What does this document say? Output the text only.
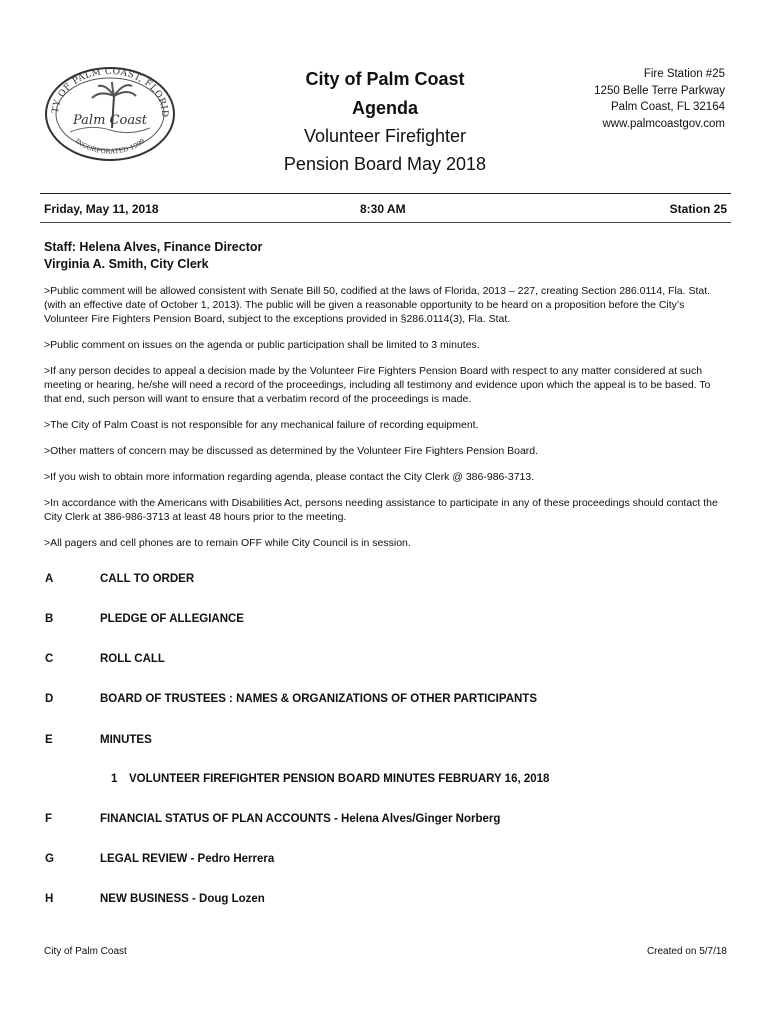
TY OF PALM COAST, FLORID
INCORPORATED 1999
Palm Coast
City of Palm Coast
Agenda
Volunteer Firefighter
Pension Board May 2018
Fire Station #25
1250 Belle Terre Parkway
Palm Coast, FL 32164
www.palmcoastgov.com
Friday, May 11, 2018	8:30 AM	Station 25
Staff: Helena Alves, Finance Director
Virginia A. Smith, City Clerk

>Public comment will be allowed consistent with Senate Bill 50, codified at the laws of Florida, 2013 – 227, creating Section 286.0114, Fla. Stat. (with an effective date of October 1, 2013). The public will be given a reasonable opportunity to be heard on a proposition before the City’s Volunteer Fire Fighters Pension Board, subject to the exceptions provided in §286.0114(3), Fla. Stat.

>Public comment on issues on the agenda or public participation shall be limited to 3 minutes.

>If any person decides to appeal a decision made by the Volunteer Fire Fighters Pension Board with respect to any matter considered at such meeting or hearing, he/she will need a record of the proceedings, including all testimony and evidence upon which the appeal is to be based. To that end, such person will want to ensure that a verbatim record of the proceedings is made.

>The City of Palm Coast is not responsible for any mechanical failure of recording equipment.

>Other matters of concern may be discussed as determined by the Volunteer Fire Fighters Pension Board.

>If you wish to obtain more information regarding agenda, please contact the City Clerk @ 386-986-3713.

>In accordance with the Americans with Disabilities Act, persons needing assistance to participate in any of these proceedings should contact the City Clerk at 386-986-3713 at least 48 hours prior to the meeting.

>All pagers and cell phones are to remain OFF while City Council is in session.

A	CALL TO ORDER
B	PLEDGE OF ALLEGIANCE
C	ROLL CALL
D	BOARD OF TRUSTEES : NAMES & ORGANIZATIONS OF OTHER PARTICIPANTS
E	MINUTES
1 VOLUNTEER FIREFIGHTER PENSION BOARD MINUTES FEBRUARY 16, 2018
F	FINANCIAL STATUS OF PLAN ACCOUNTS - Helena Alves/Ginger Norberg
G	LEGAL REVIEW - Pedro Herrera
H	NEW BUSINESS - Doug Lozen
City of Palm Coast	Created on 5/7/18
